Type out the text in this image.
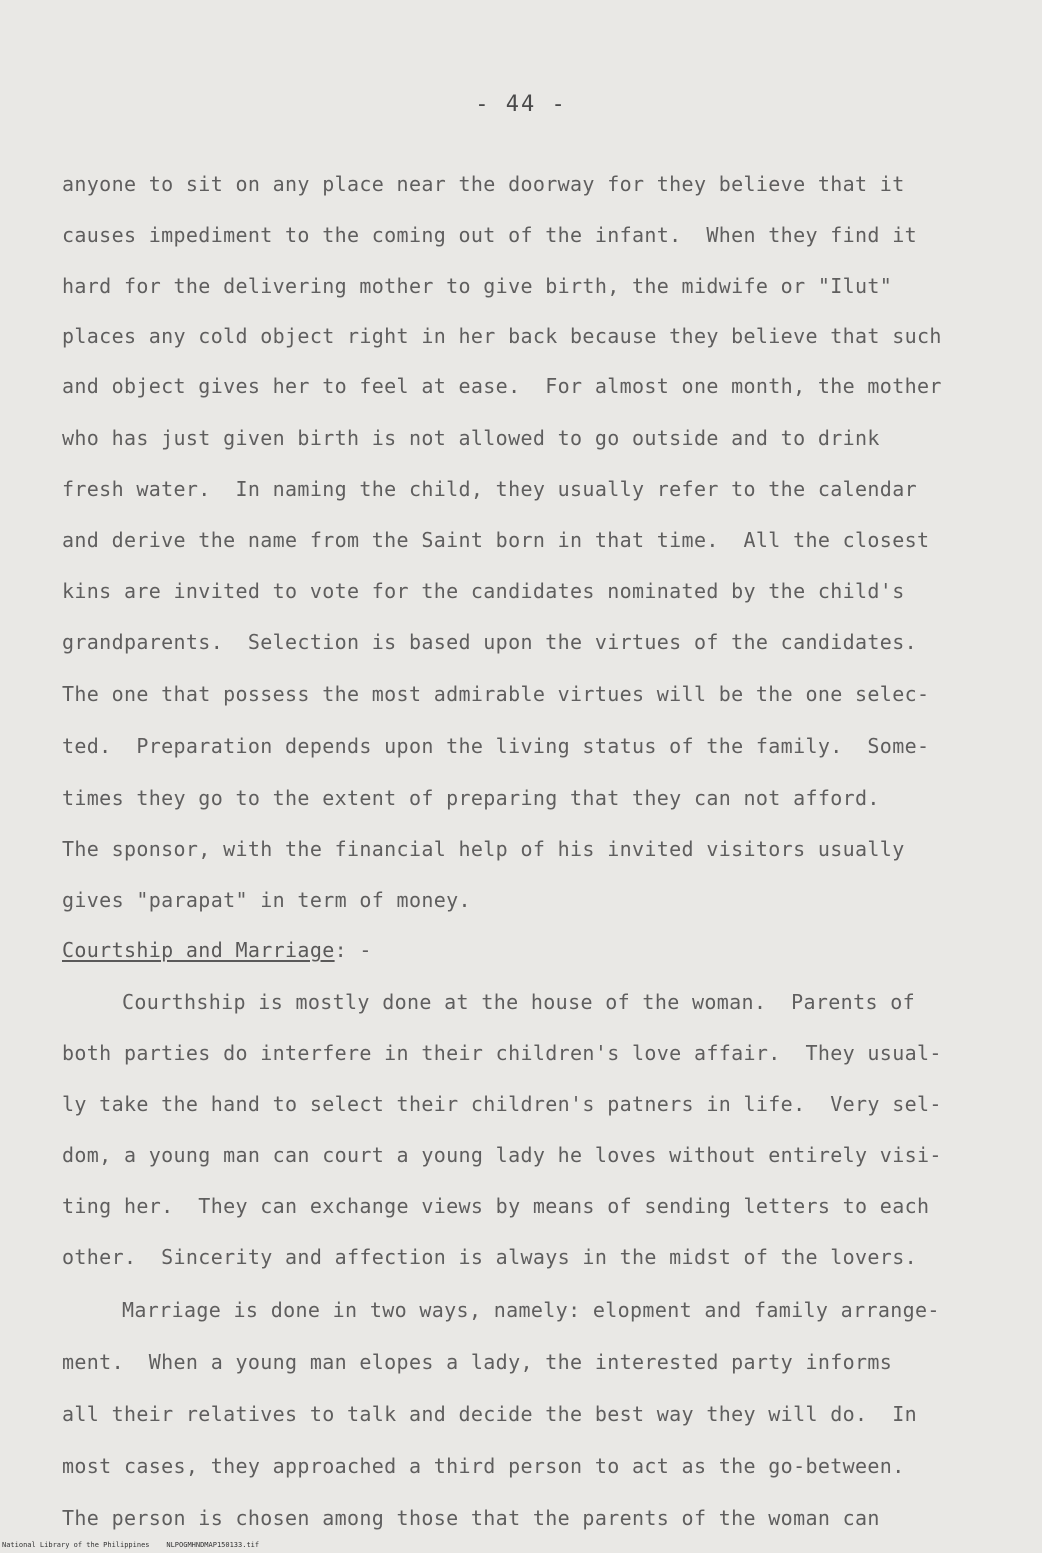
- 44 -
anyone to sit on any place near the doorway for they believe that it
causes impediment to the coming out of the infant.  When they find it
hard for the delivering mother to give birth, the midwife or "Ilut"
places any cold object right in her back because they believe that such
and object gives her to feel at ease.  For almost one month, the mother
who has just given birth is not allowed to go outside and to drink
fresh water.  In naming the child, they usually refer to the calendar
and derive the name from the Saint born in that time.  All the closest
kins are invited to vote for the candidates nominated by the child's
grandparents.  Selection is based upon the virtues of the candidates.
The one that possess the most admirable virtues will be the one selec-
ted.  Preparation depends upon the living status of the family.  Some-
times they go to the extent of preparing that they can not afford.
The sponsor, with the financial help of his invited visitors usually
gives "parapat" in term of money.
Courtship and Marriage: -
Courthship is mostly done at the house of the woman.  Parents of
both parties do interfere in their children's love affair.  They usual-
ly take the hand to select their children's patners in life.  Very sel-
dom, a young man can court a young lady he loves without entirely visi-
ting her.  They can exchange views by means of sending letters to each
other.  Sincerity and affection is always in the midst of the lovers.
Marriage is done in two ways, namely: elopment and family arrange-
ment.  When a young man elopes a lady, the interested party informs
all their relatives to talk and decide the best way they will do.  In
most cases, they approached a third person to act as the go-between.
The person is chosen among those that the parents of the woman can
National Library of the Philippines NLPOGMHNDMAP150133.tif
